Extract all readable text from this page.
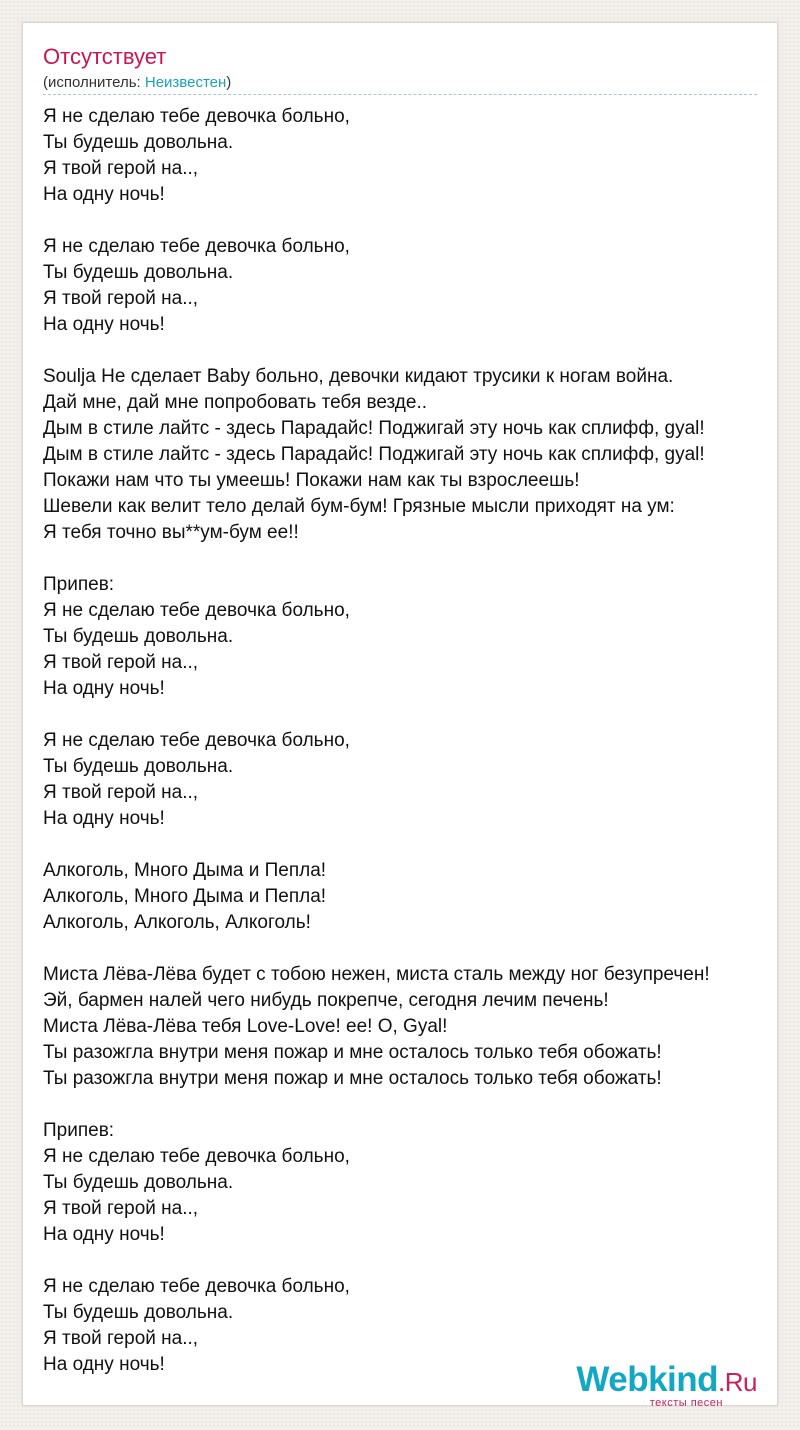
Отсутствует
(исполнитель: Неизвестен)
Я не сделаю тебе девочка больно,
Ты будешь довольна.
Я твой герой на..,
На одну ночь!
Я не сделаю тебе девочка больно,
Ты будешь довольна.
Я твой герой на..,
На одну ночь!
Soulja Не сделает Baby больно, девочки кидают трусики к ногам война.
Дай мне, дай мне попробовать тебя везде..
Дым в стиле лайтс - здесь Парадайс! Поджигай эту ночь как сплифф, gyal!
Дым в стиле лайтс - здесь Парадайс! Поджигай эту ночь как сплифф, gyal!
Покажи нам что ты умеешь! Покажи нам как ты взрослеешь!
Шевели как велит тело делай бум-бум! Грязные мысли приходят на ум:
Я тебя точно вы**ум-бум ее!!
Припев:
Я не сделаю тебе девочка больно,
Ты будешь довольна.
Я твой герой на..,
На одну ночь!
Я не сделаю тебе девочка больно,
Ты будешь довольна.
Я твой герой на..,
На одну ночь!
Алкоголь, Много Дыма и Пепла!
Алкоголь, Много Дыма и Пепла!
Алкоголь, Алкоголь, Алкоголь!
Миста Лёва-Лёва будет с тобою нежен, миста сталь между ног безупречен!
Эй, бармен налей чего нибудь покрепче, сегодня лечим печень!
Миста Лёва-Лёва тебя Love-Love! ее! О, Gyal!
Ты разожгла внутри меня пожар и мне осталось только тебя обожать!
Ты разожгла внутри меня пожар и мне осталось только тебя обожать!
Припев:
Я не сделаю тебе девочка больно,
Ты будешь довольна.
Я твой герой на..,
На одну ночь!
Я не сделаю тебе девочка больно,
Ты будешь довольна.
Я твой герой на..,
На одну ночь!	Webkind.Ru
тексты песен
